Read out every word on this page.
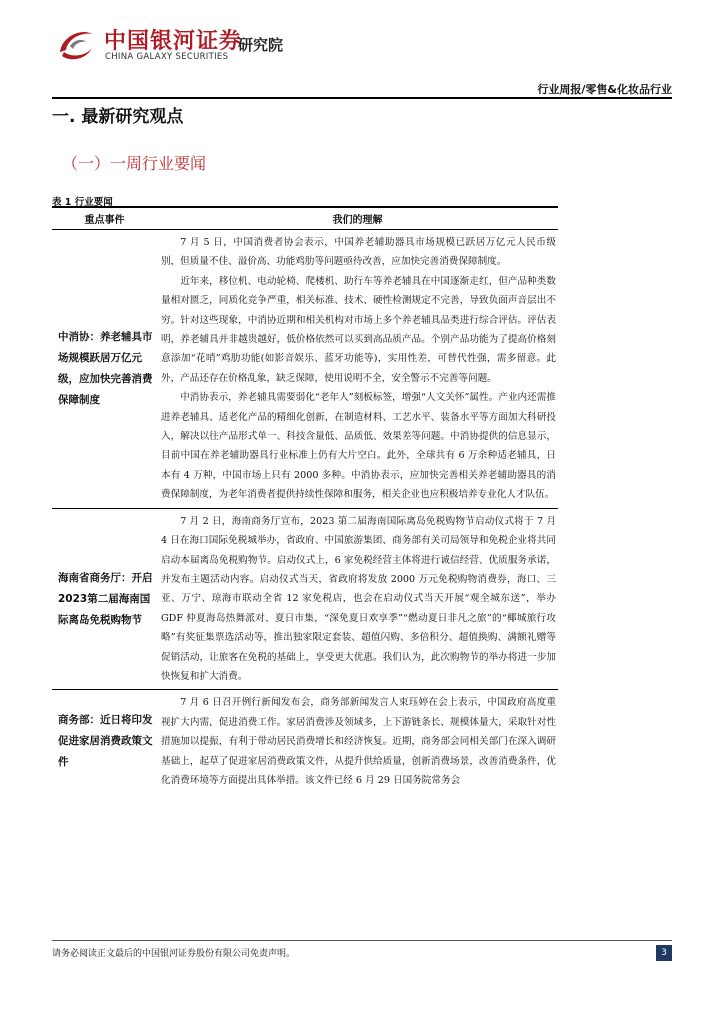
中国银河证券
CHINA GALAXY SECURITIES
研究院
行业周报/零售&化妆品行业
一. 最新研究观点
（一）一周行业要闻
表 1 行业要闻
重点事件	我们的理解
中消协：养老辅具市场规模跃居万亿元级，应加快完善消费保障制度

7 月 5 日，中国消费者协会表示，中国养老辅助器具市场规模已跃居万亿元人民币级别，但质量不佳、溢价高、功能鸡肋等问题亟待改善，应加快完善消费保障制度。

近年来，移位机、电动轮椅、爬楼机、助行车等养老辅具在中国逐渐走红，但产品种类数量相对匮乏，同质化竞争严重，相关标准、技术、硬性检测规定不完善，导致负面声音层出不穷。针对这些现象，中消协近期和相关机构对市场上多个养老辅具品类进行综合评估。评估表明，养老辅具并非越贵越好，低价格依然可以买到高品质产品。个别产品功能为了提高价格刻意添加“花哨”鸡肋功能(如影音娱乐、蓝牙功能等)，实用性差，可替代性强，需多留意。此外，产品还存在价格乱象，缺乏保障，使用说明不全，安全警示不完善等问题。

中消协表示，养老辅具需要弱化“老年人”刻板标签，增强“人文关怀”属性。产业内还需推进养老辅具、适老化产品的精细化创新，在制造材料、工艺水平、装备水平等方面加大科研投入，解决以往产品形式单一、科技含量低、品质低、效果差等问题。中消协提供的信息显示，目前中国在养老辅助器具行业标准上仍有大片空白。此外，全球共有 6 万余种适老辅具，日本有 4 万种，中国市场上只有 2000 多种。中消协表示，应加快完善相关养老辅助器具的消费保障制度，为老年消费者提供持续性保障和服务，相关企业也应积极培养专业化人才队伍。

海南省商务厅：开启2023第二届海南国际离岛免税购物节

7 月 2 日，海南商务厅宣布，2023 第二届海南国际离岛免税购物节启动仪式将于 7 月 4 日在海口国际免税城举办，省政府、中国旅游集团、商务部有关司局领导和免税企业将共同启动本届离岛免税购物节。启动仪式上，6 家免税经营主体将进行诚信经营、优质服务承诺，并发布主题活动内容。启动仪式当天，省政府将发放 2000 万元免税购物消费券，海口、三亚、万宁、琼海市联动全省 12 家免税店，也会在启动仪式当天开展“观全城东送”，举办 GDF 仲夏海岛热舞派对、夏日市集，“深免夏日欢享季”“燃动夏日非凡之旅”的“椰城旅行攻略”有奖征集票选活动等，推出独家限定套装、超值闪购、多倍积分、超值换购、满额礼赠等促销活动，让旅客在免税的基础上，享受更大优惠。我们认为，此次购物节的举办将进一步加快恢复和扩大消费。

商务部：近日将印发促进家居消费政策文件

7 月 6 日召开例行新闻发布会，商务部新闻发言人束珏婷在会上表示，中国政府高度重视扩大内需，促进消费工作。家居消费涉及领域多，上下游链条长、规模体量大，采取针对性措施加以提振，有利于带动居民消费增长和经济恢复。近期，商务部会同相关部门在深入调研基础上，起草了促进家居消费政策文件，从提升供给质量，创新消费场景，改善消费条件，优化消费环境等方面提出具体举措。该文件已经 6 月 29 日国务院常务会

请务必阅读正文最后的中国银河证券股份有限公司免责声明。	3
